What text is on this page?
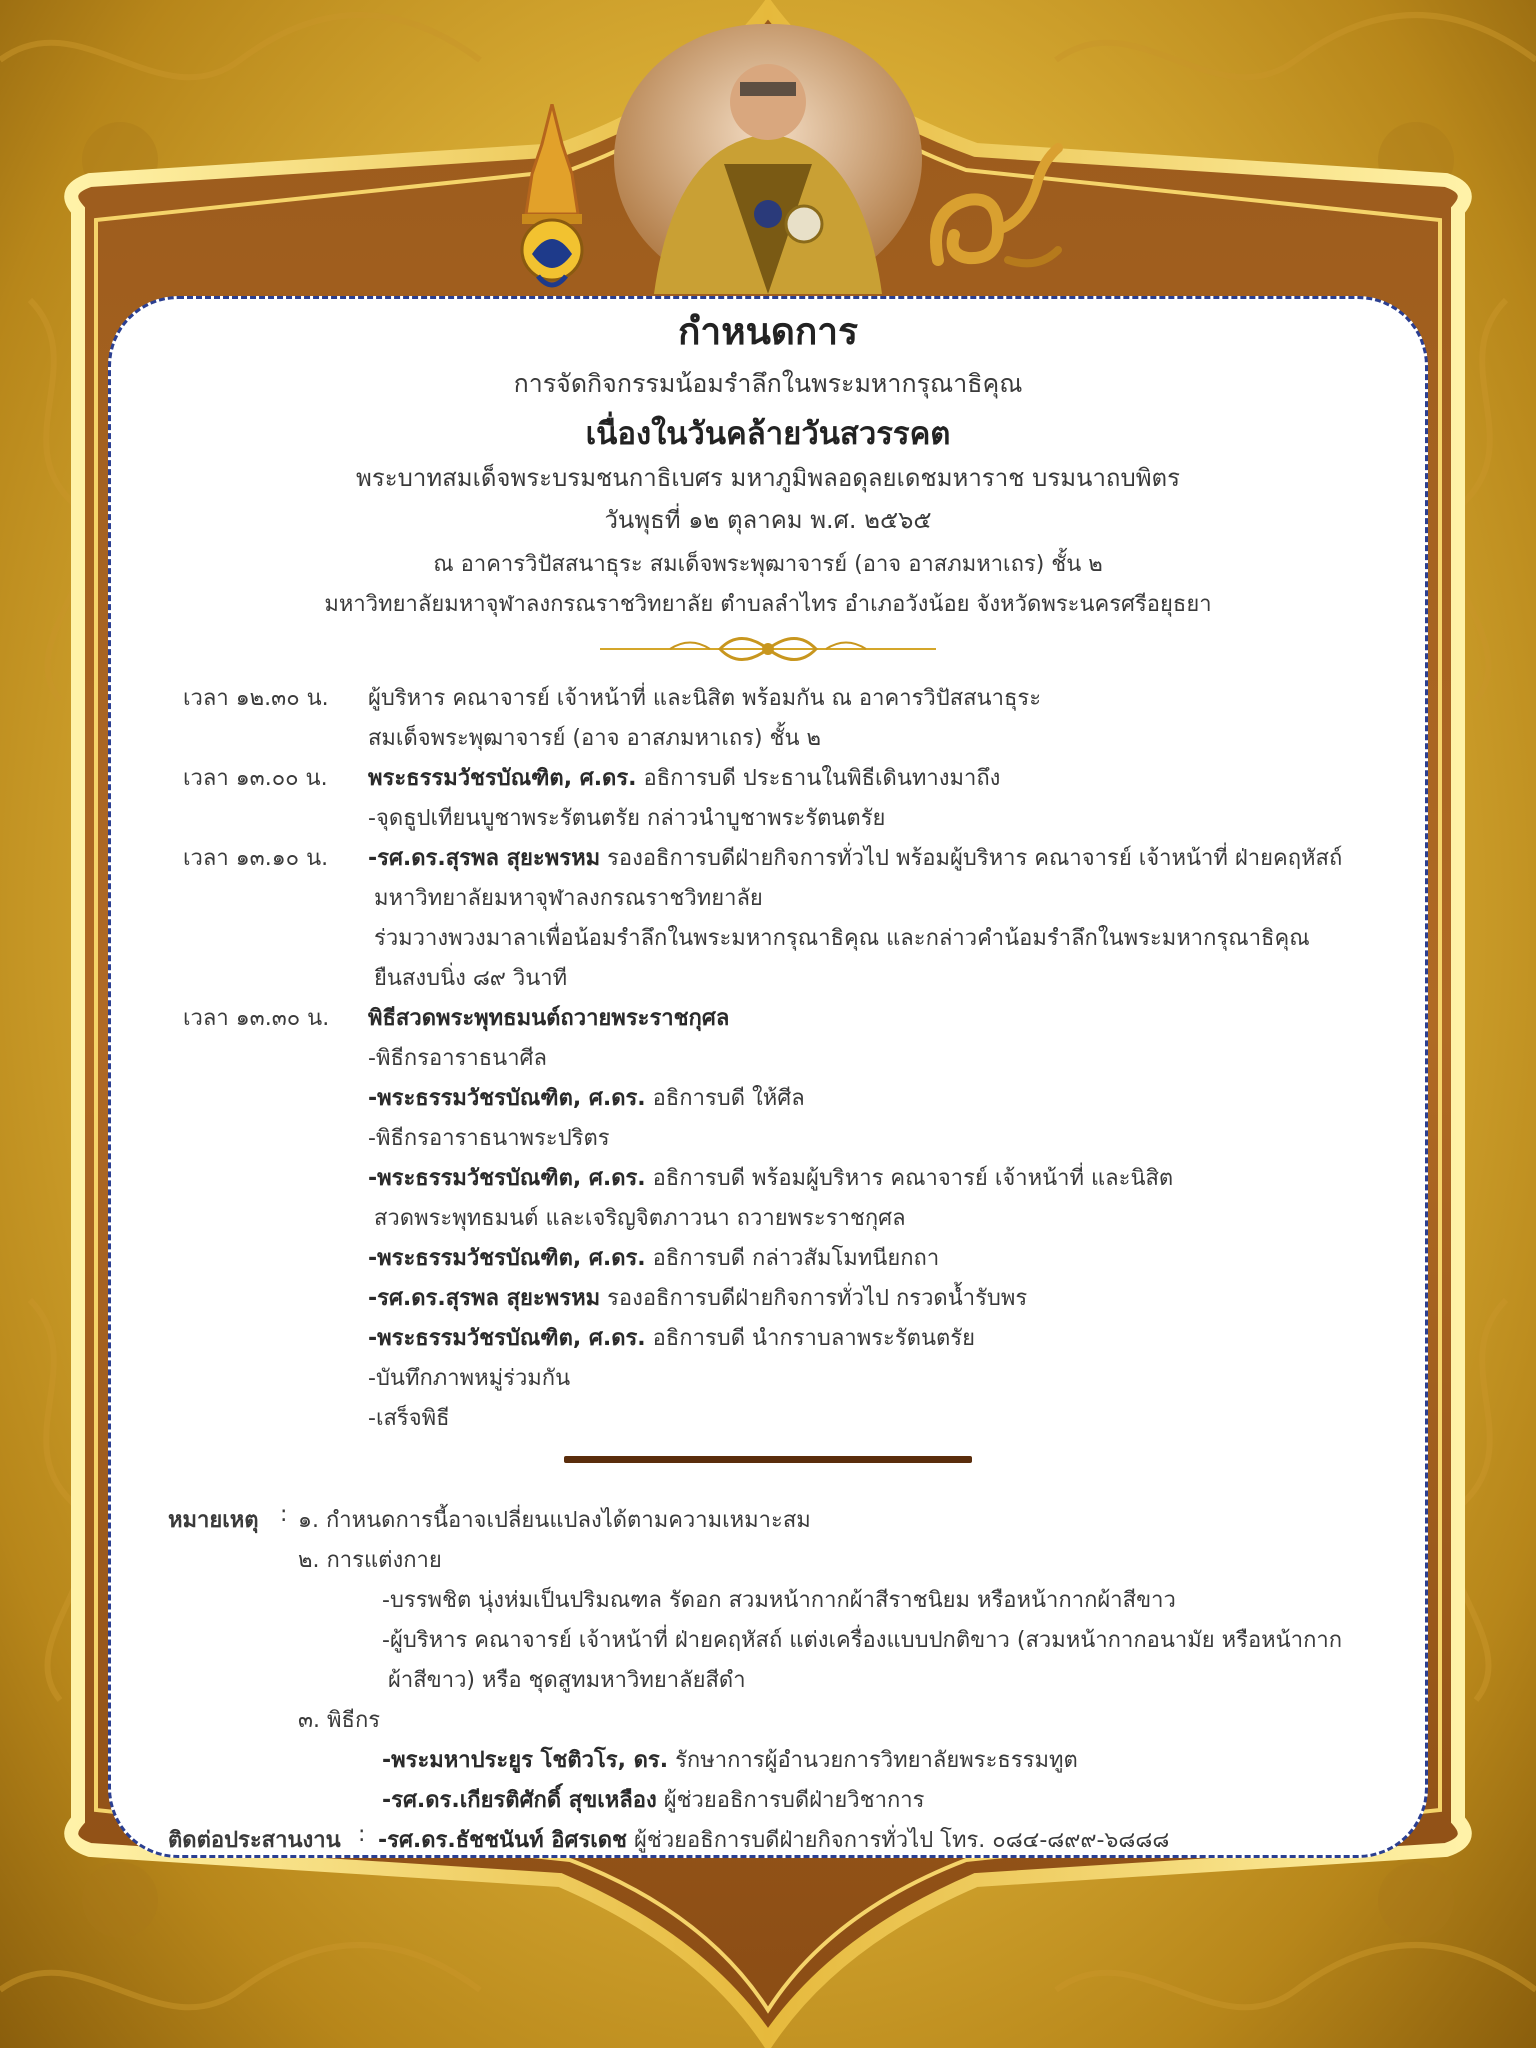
กำหนดการ
การจัดกิจกรรมน้อมรำลึกในพระมหากรุณาธิคุณ
เนื่องในวันคล้ายวันสวรรคต
พระบาทสมเด็จพระบรมชนกาธิเบศร มหาภูมิพลอดุลยเดชมหาราช บรมนาถบพิตร
วันพุธที่ ๑๒ ตุลาคม พ.ศ. ๒๕๖๕
ณ อาคารวิปัสสนาธุระ สมเด็จพระพุฒาจารย์ (อาจ อาสภมหาเถร) ชั้น ๒
มหาวิทยาลัยมหาจุฬาลงกรณราชวิทยาลัย ตำบลลำไทร อำเภอวังน้อย จังหวัดพระนครศรีอยุธยา
เวลา ๑๒.๓๐ น. ผู้บริหาร คณาจารย์ เจ้าหน้าที่ และนิสิต พร้อมกัน ณ อาคารวิปัสสนาธุระ
สมเด็จพระพุฒาจารย์ (อาจ อาสภมหาเถร) ชั้น ๒
เวลา ๑๓.๐๐ น. พระธรรมวัชรบัณฑิต, ศ.ดร. อธิการบดี ประธานในพิธีเดินทางมาถึง
-จุดธูปเทียนบูชาพระรัตนตรัย กล่าวนำบูชาพระรัตนตรัย
เวลา ๑๓.๑๐ น. -รศ.ดร.สุรพล สุยะพรหม รองอธิการบดีฝ่ายกิจการทั่วไป พร้อมผู้บริหาร คณาจารย์ เจ้าหน้าที่ ฝ่ายคฤหัสถ์
มหาวิทยาลัยมหาจุฬาลงกรณราชวิทยาลัย
ร่วมวางพวงมาลาเพื่อน้อมรำลึกในพระมหากรุณาธิคุณ และกล่าวคำน้อมรำลึกในพระมหากรุณาธิคุณ
ยืนสงบนิ่ง ๘๙ วินาที
เวลา ๑๓.๓๐ น. พิธีสวดพระพุทธมนต์ถวายพระราชกุศล
-พิธีกรอาราธนาศีล
-พระธรรมวัชรบัณฑิต, ศ.ดร. อธิการบดี ให้ศีล
-พิธีกรอาราธนาพระปริตร
-พระธรรมวัชรบัณฑิต, ศ.ดร. อธิการบดี พร้อมผู้บริหาร คณาจารย์ เจ้าหน้าที่ และนิสิต
สวดพระพุทธมนต์ และเจริญจิตภาวนา ถวายพระราชกุศล
-พระธรรมวัชรบัณฑิต, ศ.ดร. อธิการบดี กล่าวสัมโมทนียกถา
-รศ.ดร.สุรพล สุยะพรหม รองอธิการบดีฝ่ายกิจการทั่วไป กรวดน้ำรับพร
-พระธรรมวัชรบัณฑิต, ศ.ดร. อธิการบดี นำกราบลาพระรัตนตรัย
-บันทึกภาพหมู่ร่วมกัน
-เสร็จพิธี
หมายเหตุ : ๑. กำหนดการนี้อาจเปลี่ยนแปลงได้ตามความเหมาะสม
๒. การแต่งกาย
-บรรพชิต นุ่งห่มเป็นปริมณฑล รัดอก สวมหน้ากากผ้าสีราชนิยม หรือหน้ากากผ้าสีขาว
-ผู้บริหาร คณาจารย์ เจ้าหน้าที่ ฝ่ายคฤหัสถ์ แต่งเครื่องแบบปกติขาว (สวมหน้ากากอนามัย หรือหน้ากาก
ผ้าสีขาว) หรือ ชุดสูทมหาวิทยาลัยสีดำ
๓. พิธีกร
-พระมหาประยูร โชติวโร, ดร. รักษาการผู้อำนวยการวิทยาลัยพระธรรมทูต
-รศ.ดร.เกียรติศักดิ์ สุขเหลือง ผู้ช่วยอธิการบดีฝ่ายวิชาการ
ติดต่อประสานงาน : -รศ.ดร.ธัชชนันท์ อิศรเดช ผู้ช่วยอธิการบดีฝ่ายกิจการทั่วไป โทร. ๐๘๔-๘๙๙-๖๘๘๘
